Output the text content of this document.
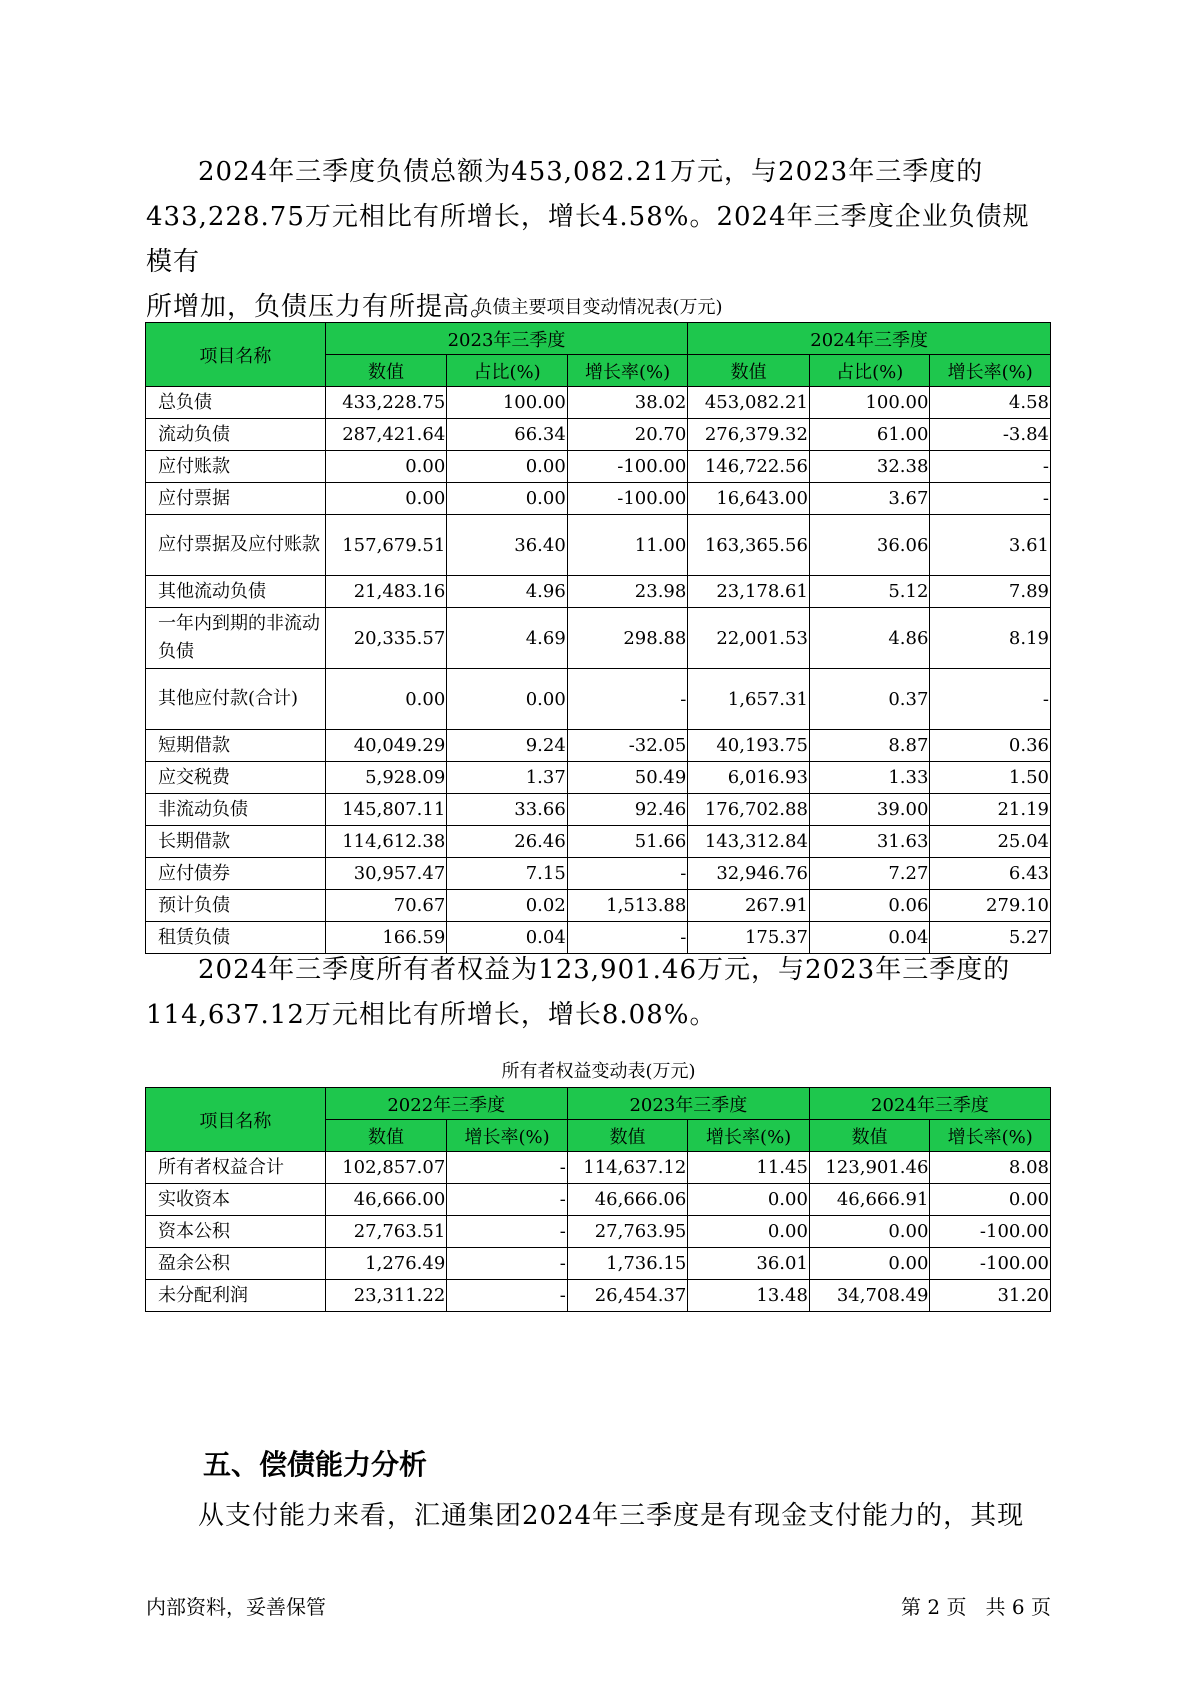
2024年三季度负债总额为453,082.21万元，与2023年三季度的
433,228.75万元相比有所增长，增长4.58%。2024年三季度企业负债规模有
所增加，负债压力有所提高。
负债主要项目变动情况表(万元)
项目名称	2023年三季度			2024年三季度		
	数值	占比(%)	增长率(%)	数值	占比(%)	增长率(%)
总负债	433,228.75	100.00	38.02	453,082.21	100.00	4.58
流动负债	287,421.64	66.34	20.70	276,379.32	61.00	-3.84
应付账款	0.00	0.00	-100.00	146,722.56	32.38	-
应付票据	0.00	0.00	-100.00	16,643.00	3.67	-
应付票据及应付账款	157,679.51	36.40	11.00	163,365.56	36.06	3.61
其他流动负债	21,483.16	4.96	23.98	23,178.61	5.12	7.89
一年内到期的非流动负债	20,335.57	4.69	298.88	22,001.53	4.86	8.19
其他应付款(合计)	0.00	0.00	-	1,657.31	0.37	-
短期借款	40,049.29	9.24	-32.05	40,193.75	8.87	0.36
应交税费	5,928.09	1.37	50.49	6,016.93	1.33	1.50
非流动负债	145,807.11	33.66	92.46	176,702.88	39.00	21.19
长期借款	114,612.38	26.46	51.66	143,312.84	31.63	25.04
应付债券	30,957.47	7.15	-	32,946.76	7.27	6.43
预计负债	70.67	0.02	1,513.88	267.91	0.06	279.10
租赁负债	166.59	0.04	-	175.37	0.04	5.27
2024年三季度所有者权益为123,901.46万元，与2023年三季度的
114,637.12万元相比有所增长，增长8.08%。
所有者权益变动表(万元)
项目名称	2022年三季度		2023年三季度		2024年三季度	
	数值	增长率(%)	数值	增长率(%)	数值	增长率(%)
所有者权益合计	102,857.07	-	114,637.12	11.45	123,901.46	8.08
实收资本	46,666.00	-	46,666.06	0.00	46,666.91	0.00
资本公积	27,763.51	-	27,763.95	0.00	0.00	-100.00
盈余公积	1,276.49	-	1,736.15	36.01	0.00	-100.00
未分配利润	23,311.22	-	26,454.37	13.48	34,708.49	31.20
五、偿债能力分析
从支付能力来看，汇通集团2024年三季度是有现金支付能力的，其现
内部资料，妥善保管	第 2 页   共 6 页
